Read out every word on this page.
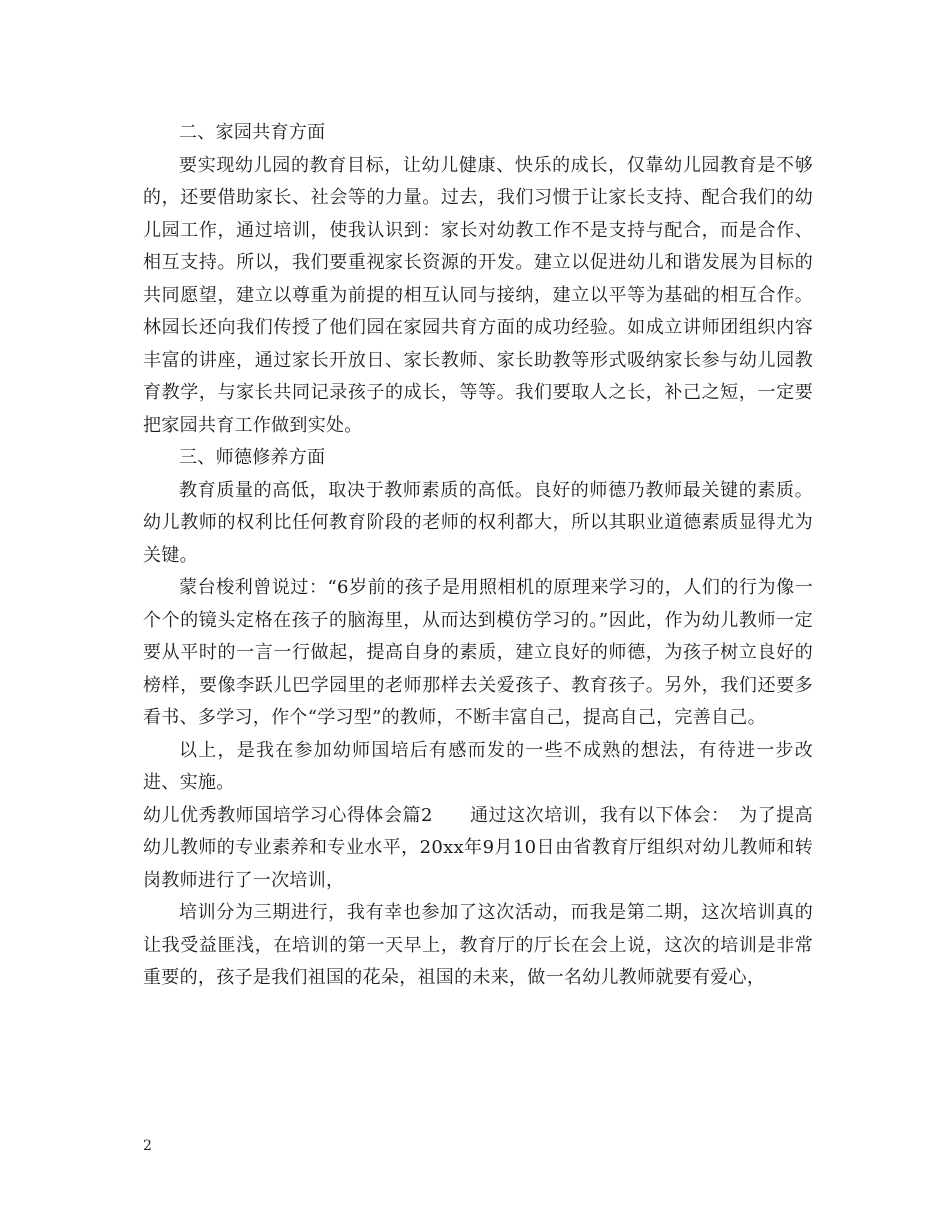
二、家园共育方面

要实现幼儿园的教育目标，让幼儿健康、快乐的成长，仅靠幼儿园教育是不够的，还要借助家长、社会等的力量。过去，我们习惯于让家长支持、配合我们的幼儿园工作，通过培训，使我认识到：家长对幼教工作不是支持与配合，而是合作、相互支持。所以，我们要重视家长资源的开发。建立以促进幼儿和谐发展为目标的共同愿望，建立以尊重为前提的相互认同与接纳，建立以平等为基础的相互合作。林园长还向我们传授了他们园在家园共育方面的成功经验。如成立讲师团组织内容丰富的讲座，通过家长开放日、家长教师、家长助教等形式吸纳家长参与幼儿园教育教学，与家长共同记录孩子的成长，等等。我们要取人之长，补己之短，一定要把家园共育工作做到实处。

三、师德修养方面

教育质量的高低，取决于教师素质的高低。良好的师德乃教师最关键的素质。幼儿教师的权利比任何教育阶段的老师的权利都大，所以其职业道德素质显得尤为关键。

蒙台梭利曾说过：“6岁前的孩子是用照相机的原理来学习的，人们的行为像一个个的镜头定格在孩子的脑海里，从而达到模仿学习的。”因此，作为幼儿教师一定要从平时的一言一行做起，提高自身的素质，建立良好的师德，为孩子树立良好的榜样，要像李跃儿巴学园里的老师那样去关爱孩子、教育孩子。另外，我们还要多看书、多学习，作个“学习型”的教师，不断丰富自己，提高自己，完善自己。

以上，是我在参加幼师国培后有感而发的一些不成熟的想法，有待进一步改进、实施。

幼儿优秀教师国培学习心得体会篇2　　通过这次培训，我有以下体会：　为了提高幼儿教师的专业素养和专业水平，20xx年9月10日由省教育厅组织对幼儿教师和转岗教师进行了一次培训，

培训分为三期进行，我有幸也参加了这次活动，而我是第二期，这次培训真的让我受益匪浅，在培训的第一天早上，教育厅的厅长在会上说，这次的培训是非常重要的，孩子是我们祖国的花朵，祖国的未来，做一名幼儿教师就要有爱心，

2
